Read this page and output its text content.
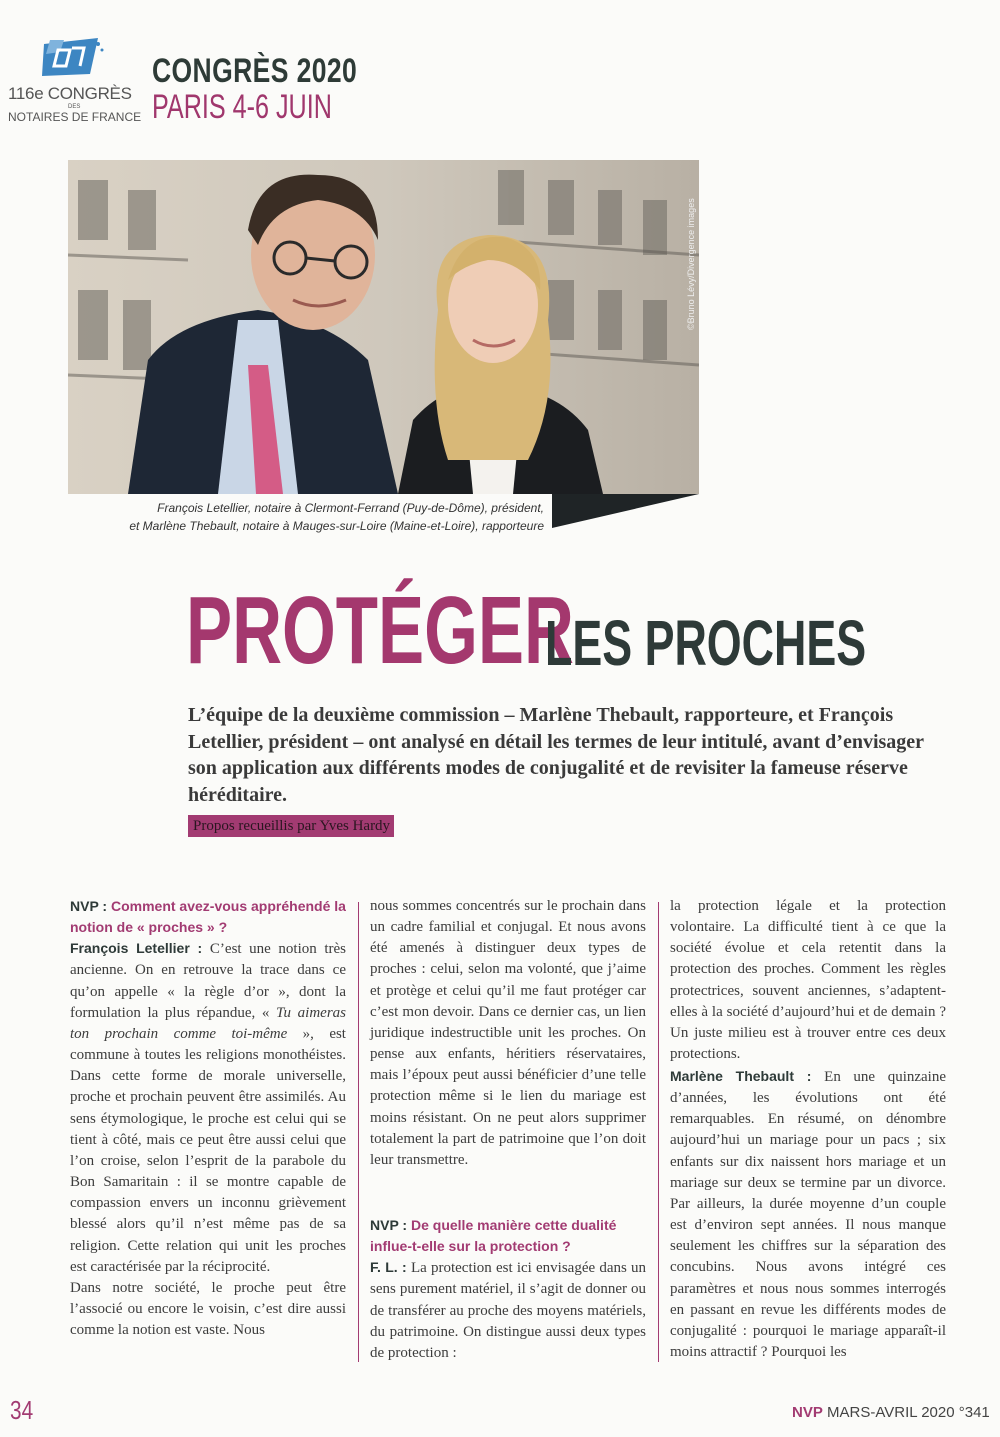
116e CONGRÈS
DES
NOTAIRES DE FRANCE
CONGRÈS 2020
PARIS 4-6 JUIN
©Bruno Lévy/Divergence images
François Letellier, notaire à Clermont-Ferrand (Puy-de-Dôme), président,
et Marlène Thebault, notaire à Mauges-sur-Loire (Maine-et-Loire), rapporteure
PROTÉGER
LES PROCHES
L’équipe de la deuxième commission – Marlène Thebault, rapporteure, et François Letellier, président – ont analysé en détail les termes de leur intitulé, avant d’envisager son application aux différents modes de conjugalité et de revisiter la fameuse réserve héréditaire.
Propos recueillis par Yves Hardy
NVP : Comment avez-vous appréhendé la notion de « proches » ?

François Letellier : C’est une notion très ancienne. On en retrouve la trace dans ce qu’on appelle « la règle d’or », dont la formulation la plus répandue, « Tu aimeras ton prochain comme toi-même », est commune à toutes les religions monothéistes. Dans cette forme de morale universelle, proche et prochain peuvent être assimilés. Au sens étymologique, le proche est celui qui se tient à côté, mais ce peut être aussi celui que l’on croise, selon l’esprit de la parabole du Bon Samaritain : il se montre capable de compassion envers un inconnu grièvement blessé alors qu’il n’est même pas de sa religion. Cette relation qui unit les proches est caractérisée par la réciprocité.

Dans notre société, le proche peut être l’associé ou encore le voisin, c’est dire aussi comme la notion est vaste. Nous

NVP : De quelle manière cette dualité influe-t-elle sur la protection ?

F. L. : La protection est ici envisagée dans un sens purement matériel, il s’agit de donner ou de transférer au proche des moyens matériels, du patrimoine. On distingue aussi deux types de protection :

Marlène Thebault : En une quinzaine d’années, les évolutions ont été remarquables. En résumé, on dénombre aujourd’hui un mariage pour un pacs ; six enfants sur dix naissent hors mariage et un mariage sur deux se termine par un divorce. Par ailleurs, la durée moyenne d’un couple est d’environ sept années. Il nous manque seulement les chiffres sur la séparation des concubins. Nous avons intégré ces paramètres et nous nous sommes interrogés en passant en revue les différents modes de conjugalité : pourquoi le mariage apparaît-il moins attractif ? Pourquoi les

34	NVP MARS-AVRIL 2020 °341

nous sommes concentrés sur le prochain dans un cadre familial et conjugal. Et nous avons été amenés à distinguer deux types de proches : celui, selon ma volonté, que j’aime et protège et celui qu’il me faut protéger car c’est mon devoir. Dans ce dernier cas, un lien juridique indestructible unit les proches. On pense aux enfants, héritiers réservataires, mais l’époux peut aussi bénéficier d’une telle protection même si le lien du mariage est moins résistant. On ne peut alors supprimer totalement la part de patrimoine que l’on doit leur transmettre.

la protection légale et la protection volontaire. La difficulté tient à ce que la société évolue et cela retentit dans la protection des proches. Comment les règles protectrices, souvent anciennes, s’adaptent-elles à la société d’aujourd’hui et de demain ? Un juste milieu est à trouver entre ces deux protections.
